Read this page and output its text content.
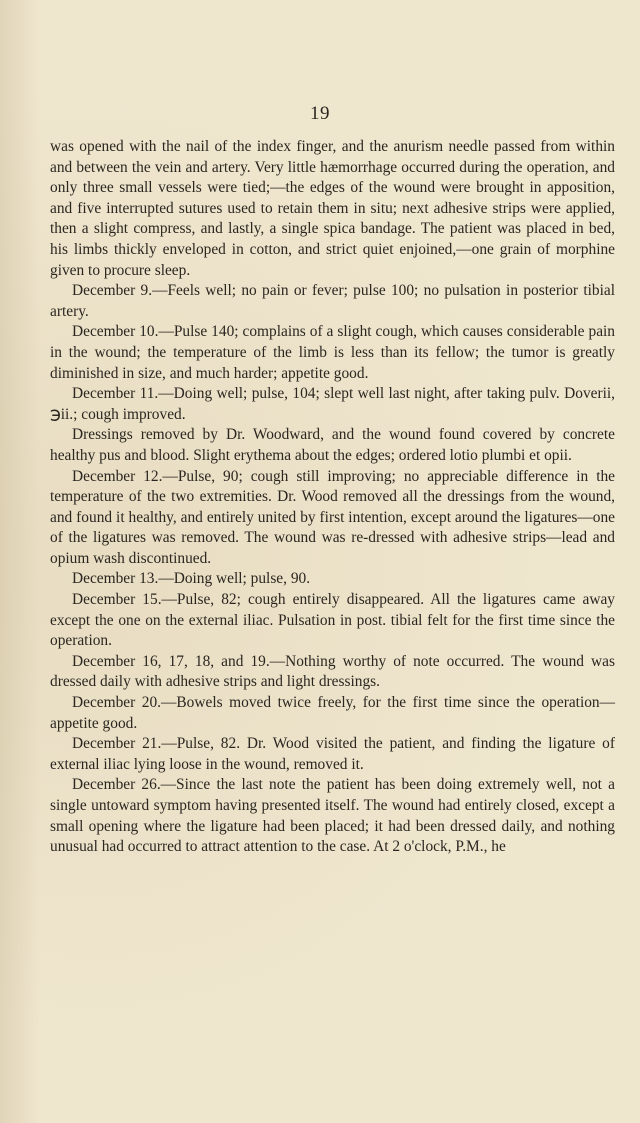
19

was opened with the nail of the index finger, and the anurism needle passed from within and between the vein and artery. Very little hæmorrhage occurred during the operation, and only three small vessels were tied;—the edges of the wound were brought in apposition, and five interrupted sutures used to retain them in situ; next adhesive strips were applied, then a slight compress, and lastly, a single spica bandage. The patient was placed in bed, his limbs thickly enveloped in cotton, and strict quiet enjoined,—one grain of morphine given to procure sleep.

December 9.—Feels well; no pain or fever; pulse 100; no pulsation in posterior tibial artery.

December 10.—Pulse 140; complains of a slight cough, which causes considerable pain in the wound; the temperature of the limb is less than its fellow; the tumor is greatly diminished in size, and much harder; appetite good.

December 11.—Doing well; pulse, 104; slept well last night, after taking pulv. Doverii, ℈ii.; cough improved.

Dressings removed by Dr. Woodward, and the wound found covered by concrete healthy pus and blood. Slight erythema about the edges; ordered lotio plumbi et opii.

December 12.—Pulse, 90; cough still improving; no appreciable difference in the temperature of the two extremities. Dr. Wood removed all the dressings from the wound, and found it healthy, and entirely united by first intention, except around the ligatures—one of the ligatures was removed. The wound was re-dressed with adhesive strips—lead and opium wash discontinued.

December 13.—Doing well; pulse, 90.

December 15.—Pulse, 82; cough entirely disappeared. All the ligatures came away except the one on the external iliac. Pulsation in post. tibial felt for the first time since the operation.

December 16, 17, 18, and 19.—Nothing worthy of note occurred. The wound was dressed daily with adhesive strips and light dressings.

December 20.—Bowels moved twice freely, for the first time since the operation—appetite good.

December 21.—Pulse, 82. Dr. Wood visited the patient, and finding the ligature of external iliac lying loose in the wound, removed it.

December 26.—Since the last note the patient has been doing extremely well, not a single untoward symptom having presented itself. The wound had entirely closed, except a small opening where the ligature had been placed; it had been dressed daily, and nothing unusual had occurred to attract attention to the case. At 2 o'clock, P.M., he
